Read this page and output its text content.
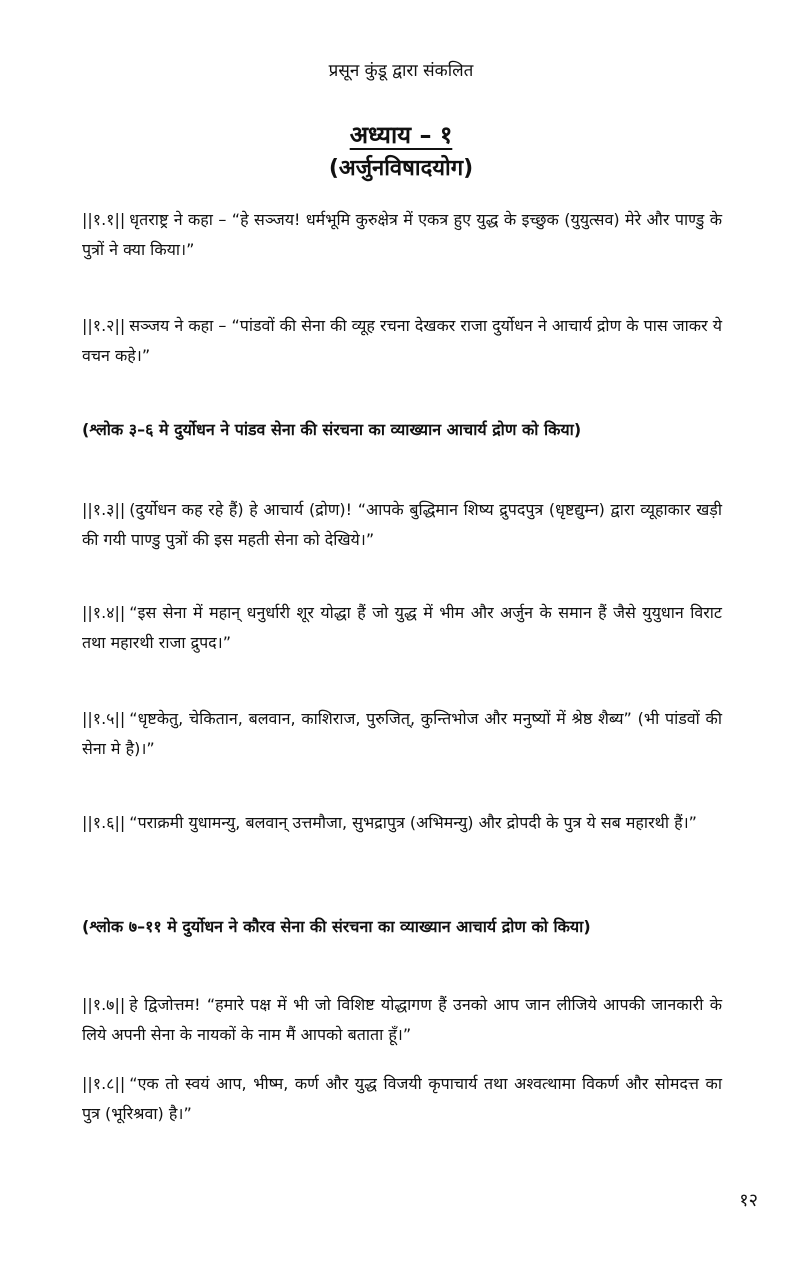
प्रसून कुंडू द्वारा संकलित
अध्याय – १
(अर्जुनविषादयोग)
||१.१|| धृतराष्ट्र ने कहा – “हे सञ्जय! धर्मभूमि कुरुक्षेत्र में एकत्र हुए युद्ध के इच्छुक (युयुत्सव) मेरे और पाण्डु के पुत्रों ने क्या किया।”
||१.२|| सञ्जय ने कहा – “पांडवों की सेना की व्यूह रचना देखकर राजा दुर्योधन ने आचार्य द्रोण के पास जाकर ये वचन कहे।”
(श्लोक ३–६ मे दुर्योधन ने पांडव सेना की संरचना का व्याख्यान आचार्य द्रोण को किया)
||१.३|| (दुर्योधन कह रहे हैं) हे आचार्य (द्रोण)! “आपके बुद्धिमान शिष्य द्रुपदपुत्र (धृष्टद्युम्न) द्वारा व्यूहाकार खड़ी की गयी पाण्डु पुत्रों की इस महती सेना को देखिये।”
||१.४|| “इस सेना में महान् धनुर्धारी शूर योद्धा हैं जो युद्ध में भीम और अर्जुन के समान हैं जैसे युयुधान विराट तथा महारथी राजा द्रुपद।”
||१.५|| “धृष्टकेतु, चेकितान, बलवान, काशिराज, पुरुजित्, कुन्तिभोज और मनुष्यों में श्रेष्ठ शैब्य” (भी पांडवों की सेना मे है)।”
||१.६|| “पराक्रमी युधामन्यु, बलवान् उत्तमौजा, सुभद्रापुत्र (अभिमन्यु) और द्रोपदी के पुत्र ये सब महारथी हैं।”
(श्लोक ७–११ मे दुर्योधन ने कौरव सेना की संरचना का व्याख्यान आचार्य द्रोण को किया)
||१.७|| हे द्विजोत्तम! “हमारे पक्ष में भी जो विशिष्ट योद्धागण हैं उनको आप जान लीजिये आपकी जानकारी के लिये अपनी सेना के नायकों के नाम मैं आपको बताता हूँ।”
||१.८|| “एक तो स्वयं आप, भीष्म, कर्ण और युद्ध विजयी कृपाचार्य तथा अश्वत्थामा विकर्ण और सोमदत्त का पुत्र (भूरिश्रवा) है।”
१२
